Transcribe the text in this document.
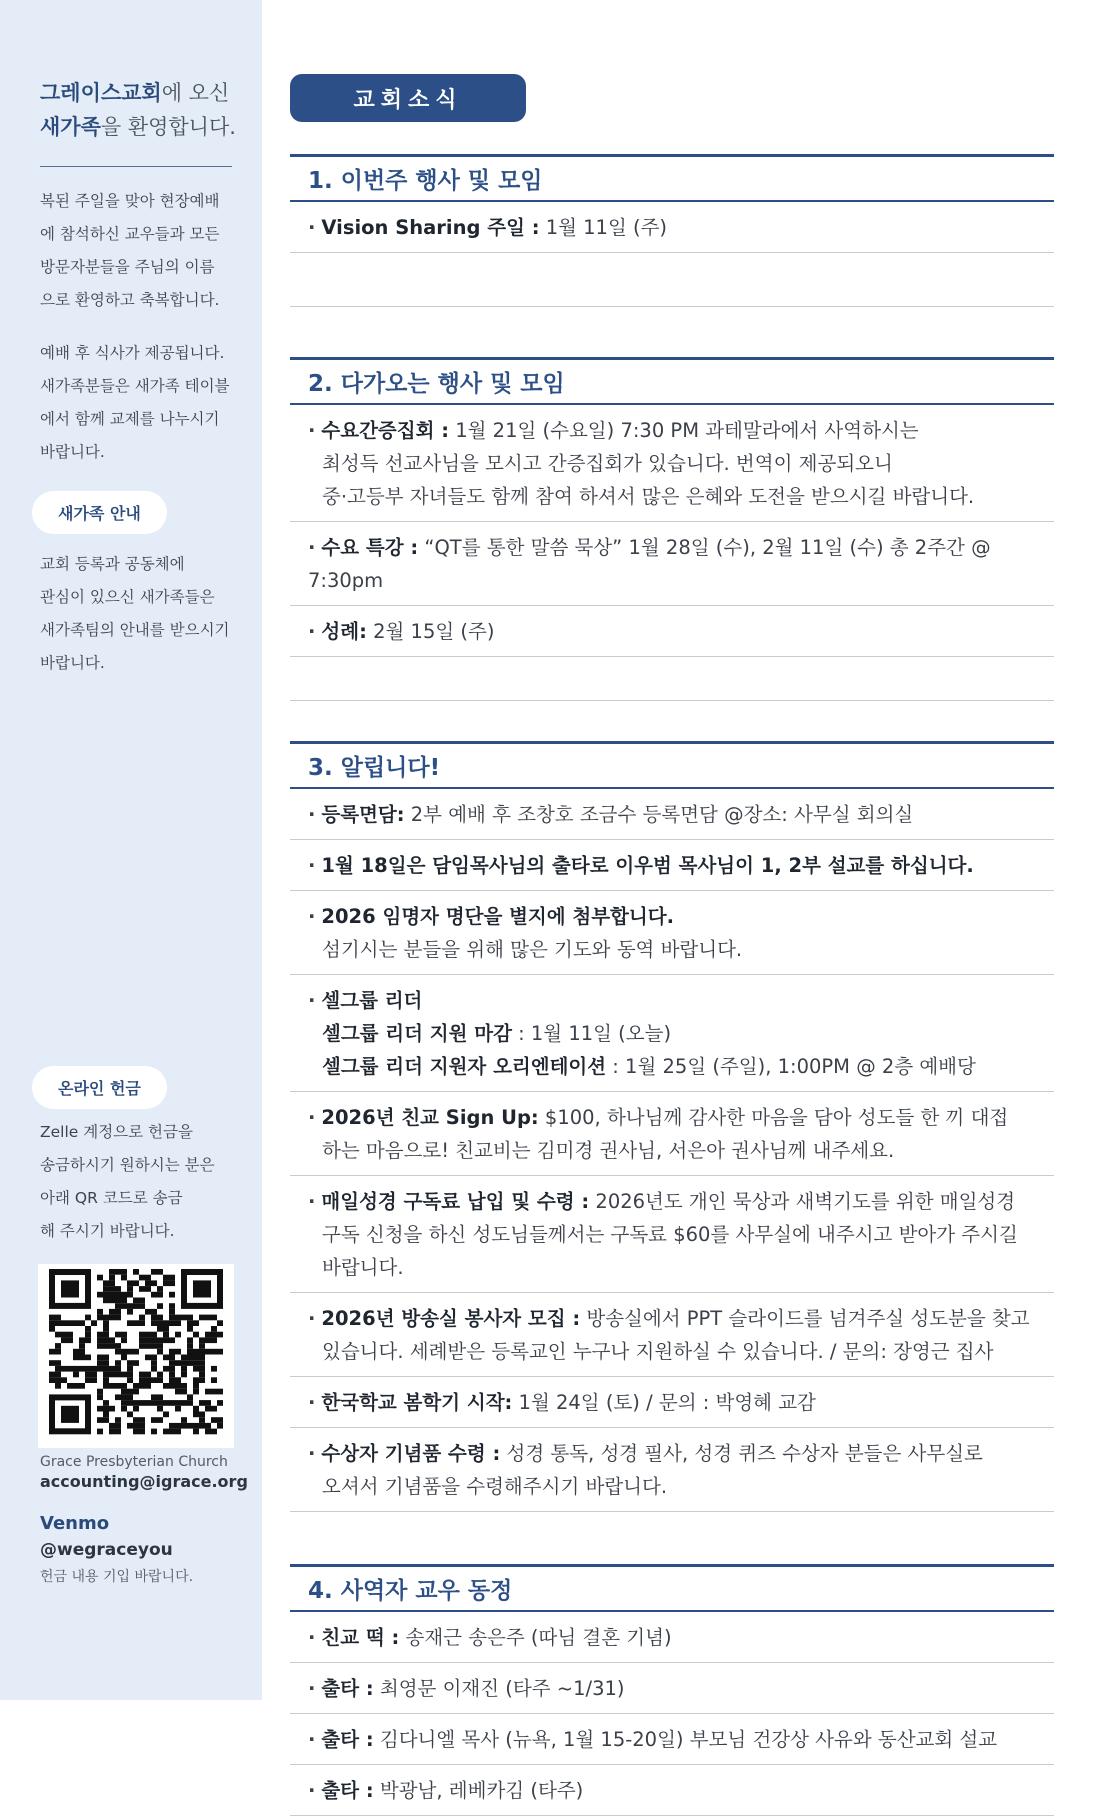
그레이스교회에 오신
새가족을 환영합니다.
복된 주일을 맞아 현장예배
에 참석하신 교우들과 모든
방문자분들을 주님의 이름
으로 환영하고 축복합니다.
예배 후 식사가 제공됩니다.
새가족분들은 새가족 테이블
에서 함께 교제를 나누시기
바랍니다.
새가족 안내
교회 등록과 공동체에
관심이 있으신 새가족들은
새가족팀의 안내를 받으시기
바랍니다.
온라인 헌금
Zelle 계정으로 헌금을
송금하시기 원하시는 분은
아래 QR 코드로 송금
해 주시기 바랍니다.
Grace Presbyterian Church
accounting@igrace.org
Venmo
@wegraceyou
헌금 내용 기입 바랍니다.
교회소식
1. 이번주 행사 및 모임
· Vision Sharing 주일 : 1월 11일 (주)
2. 다가오는 행사 및 모임
· 수요간증집회 : 1월 21일 (수요일) 7:30 PM 과테말라에서 사역하시는
최성득 선교사님을 모시고 간증집회가 있습니다. 번역이 제공되오니
중·고등부 자녀들도 함께 참여 하셔서 많은 은혜와 도전을 받으시길 바랍니다.
· 수요 특강 : “QT를 통한 말씀 묵상” 1월 28일 (수), 2월 11일 (수) 총 2주간 @
7:30pm
· 성례: 2월 15일 (주)
3. 알립니다!
· 등록면담: 2부 예배 후 조창호 조금수 등록면담 @장소: 사무실 회의실
· 1월 18일은 담임목사님의 출타로 이우범 목사님이 1, 2부 설교를 하십니다.
· 2026 임명자 명단을 별지에 첨부합니다.
섬기시는 분들을 위해 많은 기도와 동역 바랍니다.
· 셀그룹 리더
셀그룹 리더 지원 마감 : 1월 11일 (오늘)
셀그룹 리더 지원자 오리엔테이션 : 1월 25일 (주일), 1:00PM @ 2층 예배당
· 2026년 친교 Sign Up: $100, 하나님께 감사한 마음을 담아 성도들 한 끼 대접
하는 마음으로! 친교비는 김미경 권사님, 서은아 권사님께 내주세요.
· 매일성경 구독료 납입 및 수령 : 2026년도 개인 묵상과 새벽기도를 위한 매일성경
구독 신청을 하신 성도님들께서는 구독료 $60를 사무실에 내주시고 받아가 주시길
바랍니다.
· 2026년 방송실 봉사자 모집 : 방송실에서 PPT 슬라이드를 넘겨주실 성도분을 찾고
있습니다. 세례받은 등록교인 누구나 지원하실 수 있습니다. / 문의: 장영근 집사
· 한국학교 봄학기 시작: 1월 24일 (토) / 문의 : 박영혜 교감
· 수상자 기념품 수령 : 성경 통독, 성경 필사, 성경 퀴즈 수상자 분들은 사무실로
오셔서 기념품을 수령해주시기 바랍니다.
4. 사역자 교우 동정
· 친교 떡 : 송재근 송은주 (따님 결혼 기념)
· 출타 : 최영문 이재진 (타주 ~1/31)
· 출타 : 김다니엘 목사 (뉴욕, 1월 15-20일) 부모님 건강상 사유와 동산교회 설교
· 출타 : 박광남, 레베카김 (타주)
